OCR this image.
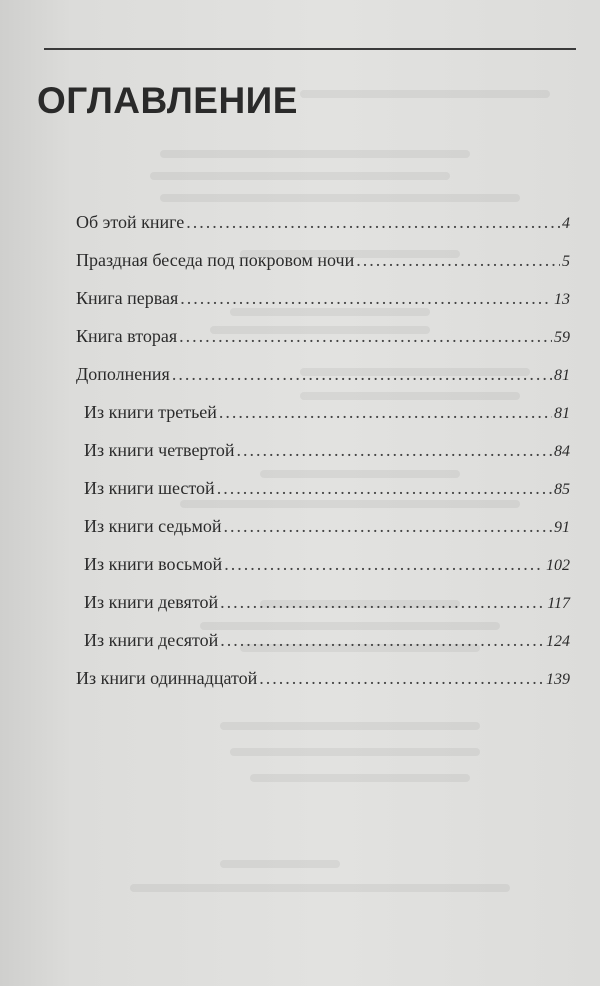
ОГЛАВЛЕНИЕ
Об этой книге .....	4
Праздная беседа под покровом ночи .....	5
Книга первая .....	13
Книга вторая .....	59
Дополнения .....	81
Из книги третьей .....	81
Из книги четвертой .....	84
Из книги шестой .....	85
Из книги седьмой .....	91
Из книги восьмой .....	102
Из книги девятой .....	117
Из книги десятой .....	124
Из книги одиннадцатой .....	139
